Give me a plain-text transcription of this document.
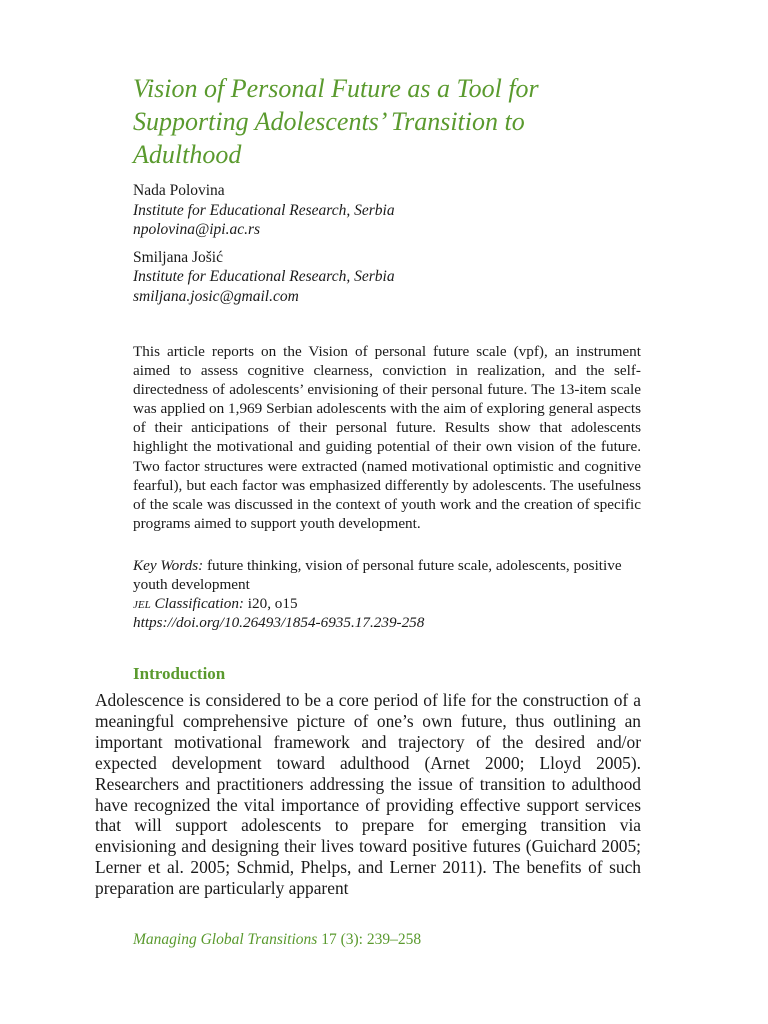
Vision of Personal Future as a Tool for Supporting Adolescents’ Transition to Adulthood
Nada Polovina
Institute for Educational Research, Serbia
npolovina@ipi.ac.rs
Smiljana Jošić
Institute for Educational Research, Serbia
smiljana.josic@gmail.com

This article reports on the Vision of personal future scale (vpf), an instrument aimed to assess cognitive clearness, conviction in realization, and the self-directedness of adolescents’ envisioning of their personal future. The 13-item scale was applied on 1,969 Serbian adolescents with the aim of exploring general aspects of their anticipations of their personal future. Results show that adolescents highlight the motivational and guiding potential of their own vision of the future. Two factor structures were extracted (named motivational optimistic and cognitive fearful), but each factor was emphasized differently by adolescents. The usefulness of the scale was discussed in the context of youth work and the creation of specific programs aimed to support youth development.

Key Words: future thinking, vision of personal future scale, adolescents, positive youth development
jel Classification: i20, o15
https://doi.org/10.26493/1854-6935.17.239-258
Introduction

Adolescence is considered to be a core period of life for the construction of a meaningful comprehensive picture of one’s own future, thus outlining an important motivational framework and trajectory of the desired and/or expected development toward adulthood (Arnet 2000; Lloyd 2005). Researchers and practitioners addressing the issue of transition to adulthood have recognized the vital importance of providing effective support services that will support adolescents to prepare for emerging transition via envisioning and designing their lives toward positive futures (Guichard 2005; Lerner et al. 2005; Schmid, Phelps, and Lerner 2011). The benefits of such preparation are particularly apparent

Managing Global Transitions 17 (3): 239–258
